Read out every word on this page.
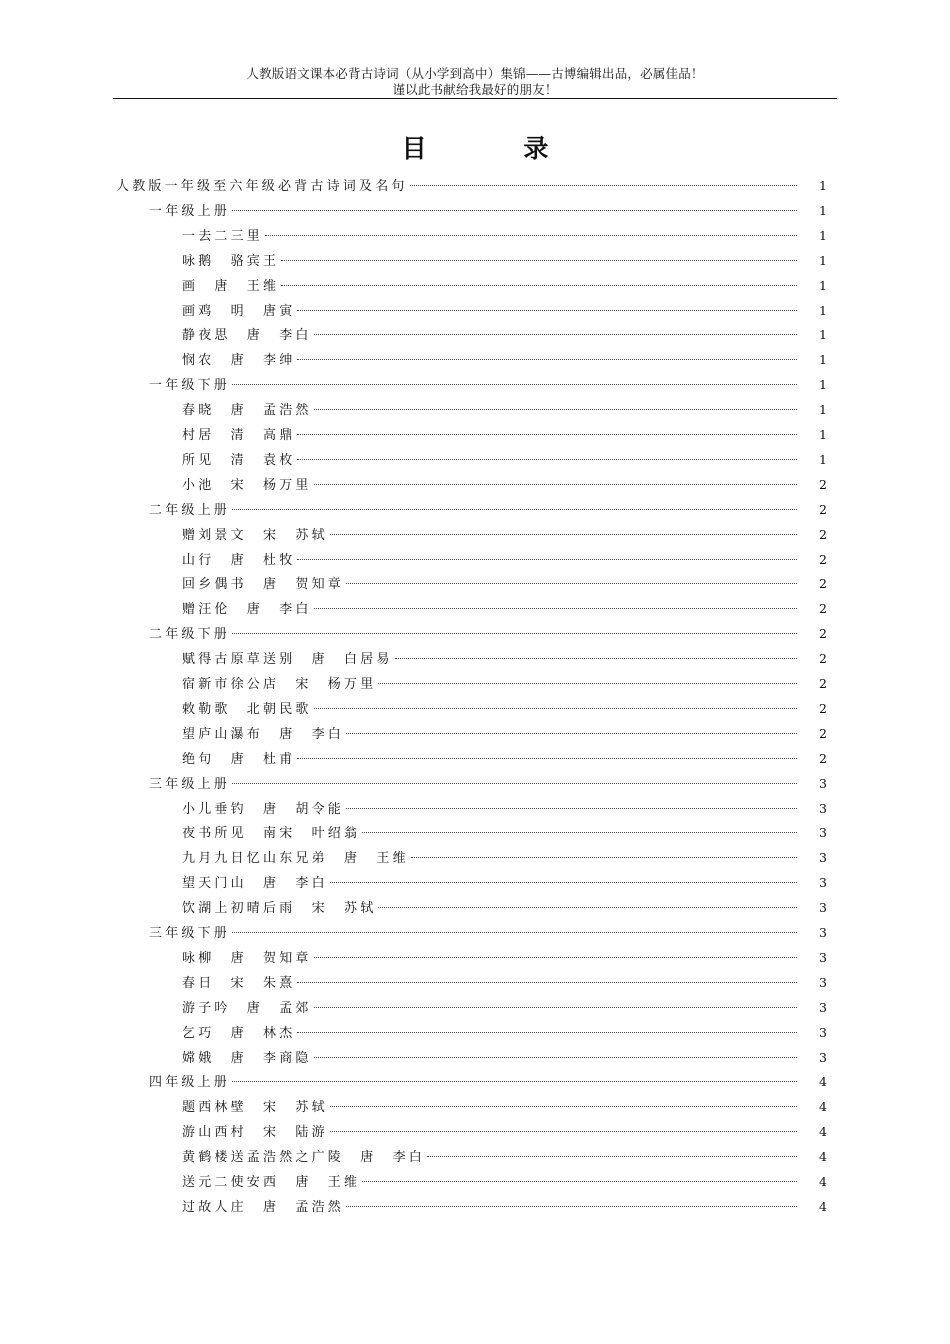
人教版语文课本必背古诗词（从小学到高中）集锦——古博编辑出品，必属佳品！
谨以此书献给我最好的朋友！
目 录
人教版一年级至六年级必背古诗词及名句	1
一年级上册	1
一去二三里	1
咏鹅　骆宾王	1
画　唐　王维	1
画鸡　明　唐寅	1
静夜思　唐　李白	1
悯农　唐　李绅	1
一年级下册	1
春晓　唐　孟浩然	1
村居　清　高鼎	1
所见　清　袁枚	1
小池　宋　杨万里	2
二年级上册	2
赠刘景文　宋　苏轼	2
山行　唐　杜牧	2
回乡偶书　唐　贺知章	2
赠汪伦　唐　李白	2
二年级下册	2
赋得古原草送别　唐　白居易	2
宿新市徐公店　宋　杨万里	2
敕勒歌　北朝民歌	2
望庐山瀑布　唐　李白	2
绝句　唐　杜甫	2
三年级上册	3
小儿垂钓　唐　胡令能	3
夜书所见　南宋　叶绍翁	3
九月九日忆山东兄弟　唐　王维	3
望天门山　唐　李白	3
饮湖上初晴后雨　宋　苏轼	3
三年级下册	3
咏柳　唐　贺知章	3
春日　宋　朱熹	3
游子吟　唐　孟郊	3
乞巧　唐　林杰	3
嫦娥　唐　李商隐	3
四年级上册	4
题西林壁　宋　苏轼	4
游山西村　宋　陆游	4
黄鹤楼送孟浩然之广陵　唐　李白	4
送元二使安西　唐　王维	4
过故人庄　唐　孟浩然	4
